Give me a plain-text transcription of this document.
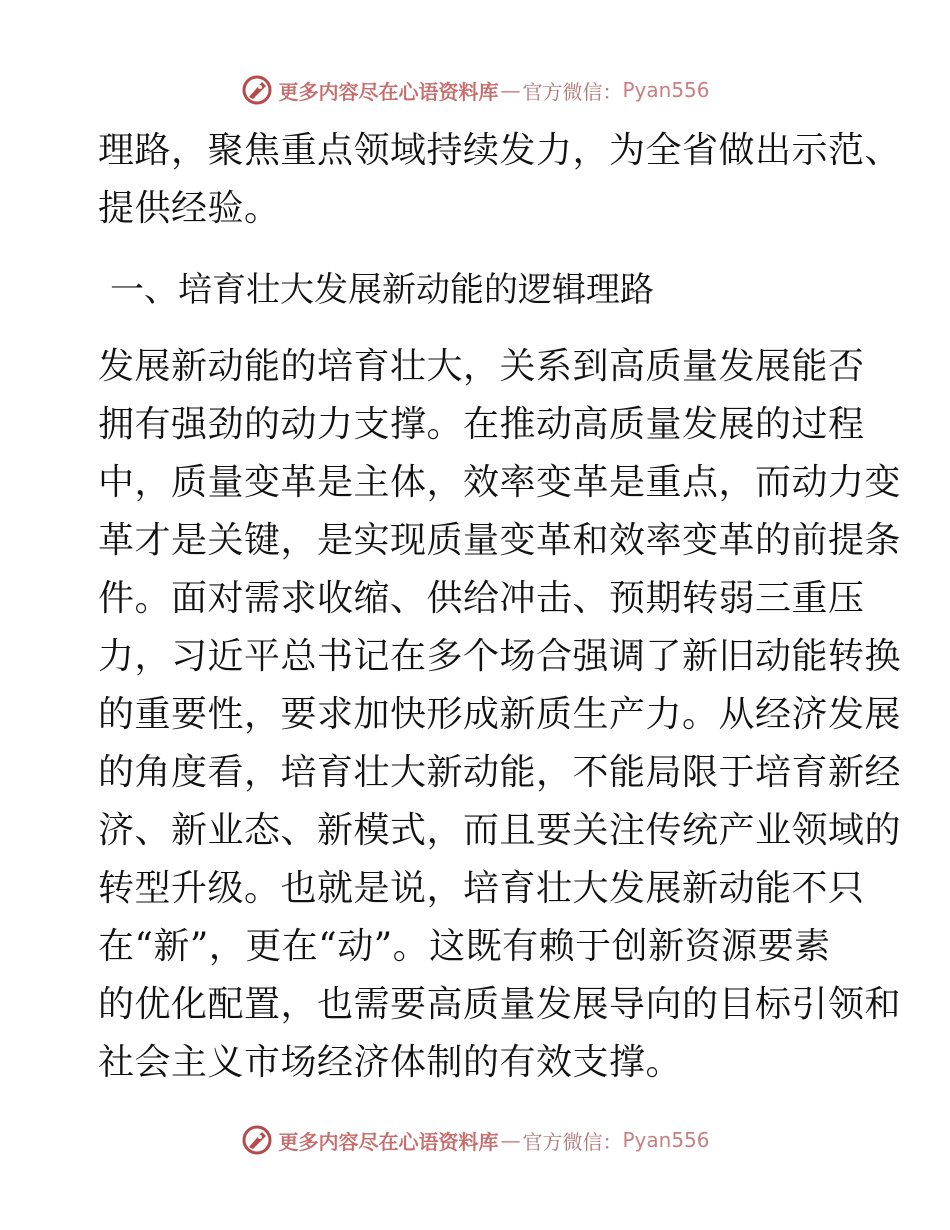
更多内容尽在心语资料库 — 官方微信： Pyan556
理路，聚焦重点领域持续发力，为全省做出示范、
提供经验。
一、培育壮大发展新动能的逻辑理路
发展新动能的培育壮大，关系到高质量发展能否
拥有强劲的动力支撑。在推动高质量发展的过程
中，质量变革是主体，效率变革是重点，而动力变
革才是关键，是实现质量变革和效率变革的前提条
件。面对需求收缩、供给冲击、预期转弱三重压
力，习近平总书记在多个场合强调了新旧动能转换
的重要性，要求加快形成新质生产力。从经济发展
的角度看，培育壮大新动能，不能局限于培育新经
济、新业态、新模式，而且要关注传统产业领域的
转型升级。也就是说，培育壮大发展新动能不只
在“新”，更在“动”。这既有赖于创新资源要素
的优化配置，也需要高质量发展导向的目标引领和
社会主义市场经济体制的有效支撑。
更多内容尽在心语资料库 — 官方微信： Pyan556
